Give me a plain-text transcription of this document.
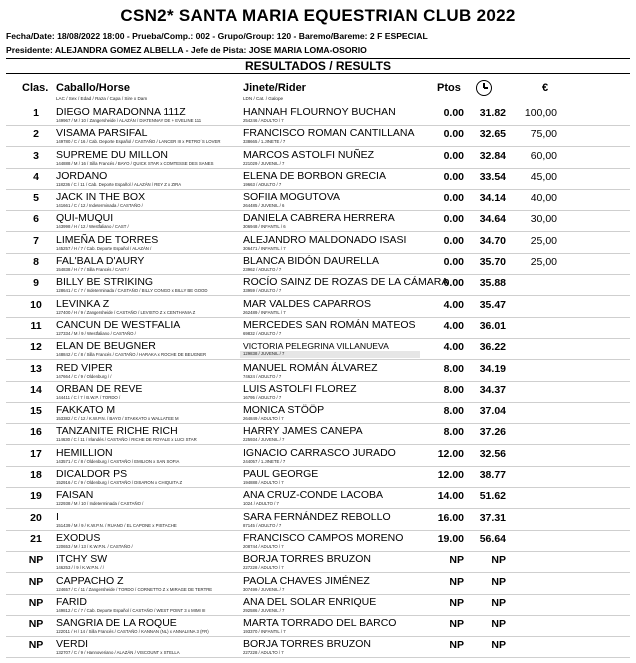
CSN2* SANTA MARIA EQUESTRIAN CLUB 2022
Fecha/Date: 18/08/2022 18:00 - Prueba/Comp.: 002 - Grupo/Group: 120 - Baremo/Bareme: 2 F ESPECIAL
Presidente: ALEJANDRA GOMEZ ALBELLA - Jefe de Pista: JOSE MARIA LOMA-OSORIO
RESULTADOS / RESULTS
Clas. Caballo/Horse
LAC / Sex / Edad / Raza / Capa / Sire x Dam
Jinete/Rider
LDN / Cat. / Galope
Ptos	€
1	DIEGO MARADONNA 111Z
149967 / M / 10 / Zangersheide / ALAZÁN / DIATENNAY DE + EVELINE 111
HANNAH FLOURNOY BUCHAN
254246 / ADULTO / 7
0.00	31.82	100,00
2	VISAMA PARSIFAL
149780 / C / 16 / Cab. Deporte Español / CASTAÑO / LANCER III x PETRO´S LOVER
FRANCISCO ROMAN CANTILLANA
338665 / 1.JINETE / 7
0.00	32.65	75,00
3	SUPREME DU MILLON
144888 / M / 16 / Silla Francés / BAYO / QUICK STAR x COMTESSE DES SANES
MARCOS ASTOLFI NUÑEZ
221029 / JUVENIL / 7
0.00	32.84	60,00
4	JORDANO
118236 / C / 11 / Cab. Deporte Español / ALAZÁN / REY Z x ZIRA
ELENA DE BORBON GRECIA
19663 / ADULTO / 7
0.00	33.54	45,00
5	JACK IN THE BOX
141661 / C / 12 / Indeterminada / CASTAÑO /
SOFIIA MOGUTOVA
264485 / JUVENIL / 6
0.00	34.14	40,00
6	QUI-MUQUI
143998 / H / 12 / Westfaliano / CAST /
DANIELA CABRERA HERRERA
306948 / INFANTIL / 6
0.00	34.64	30,00
7	LIMEÑA DE TORRES
145257 / H / 7 / Cab. Deporte Español / ALAZÁN /
ALEJANDRO MALDONADO ISASI
306471 / INFANTIL / 7
0.00	34.70	25,00
8	FAL'BALA D'AURY
154838 / H / 7 / Silla Francés / CAST /
BLANCA BIDÓN DAURELLA
23962 / ADULTO / 7
0.00	35.70	25,00
9	BILLY BE STRIKING
128641 / C / 7 / Indeterminada / CASTAÑO / BILLY CONGO x BILLY BE GOOD
ROCÍO SAINZ DE ROZAS DE LA CÁMARA
33959 / ADULTO / 7
0.00	35.88
10	LEVINKA Z
127400 / H / 9 / Zangersheide / CASTAÑO / LEVISTO Z x CENTHANIA Z
MAR VALDES CAPARROS
262489 / INFANTIL / 7
4.00	35.47
11	CANCUN DE WESTFALIA
127334 / M / 9 / Westfaliano / CASTAÑO /
MERCEDES SAN ROMÁN MATEOS
69832 / ADULTO / 7
4.00	36.01
12	ELAN DE BEUGNER
148842 / C / 8 / Silla Francés / CASTAÑO / HARAKA x ROCHE DE BEUGNER
VICTORIA PELEGRINA VILLANUEVA
129838 / JUVENIL / 7
4.00	36.22
13	RED VIPER
147664 / C / 9 / Oldenburg / /
MANUEL ROMÁN ÁLVAREZ
74624 / ADULTO / 7
8.00	34.19
14	ORBAN DE REVE
144411 / C / 7 / B.W.P. / TORDO /
LUIS ASTOLFI FLOREZ
16795 / ADULTO / 7
8.00	34.37
15	FAKKATO M
153382 / C / 12 / K.W.P.N. / BAYO / STAKKATO x WALLATEE M
MONICA STÖÖP
264849 / ADULTO / 7
8.00	37.04
16	TANZANITE RICHE RICH
114630 / C / 11 / Irlandés / CASTAÑO / RICHE DE ROYALE x LUCI STAR
HARRY JAMES CANEPA
225934 / JUVENIL / 7
8.00	37.26
17	HEMILLION
143571 / C / 8 / Oldenburg / CASTAÑO / EMILION x SAN SOFIA
IGNACIO CARRASCO JURADO
244057 / 1.JINETE / 7
12.00	32.56
18	DICALDOR PS
152916 / C / 9 / Oldenburg / CASTAÑO / DISARON x CHIQUITA Z
PAUL GEORGE
194888 / ADULTO / 7
12.00	38.77
19	FAISAN
122938 / M / 10 / Indeterminada / CASTAÑO /
ANA CRUZ-CONDE LACOBA
1024 / ADULTO / 7
14.00	51.62
20	I
151439 / M / 9 / K.W.P.N. / RUANO / EL CAPONE x PISTACHE
SARA FERNÁNDEZ REBOLLO
87145 / ADULTO / 7
16.00	37.31
21	EXODUS
120653 / M / 13 / K.W.P.N. / CASTAÑO /
FRANCISCO CAMPOS MORENO
208744 / ADULTO / 7
19.00	56.64
NP	ITCHY SW
146253 / / 9 / K.W.P.N. / /
BORJA TORRES BRUZON
227228 / ADULTO / 7
NP	NP
NP	CAPPACHO Z
124657 / C / 11 / Zangersheide / TORDO / CORNETTO Z x MIRAGE DE TERTRE
PAOLA CHAVES JIMÉNEZ
307499 / JUVENIL / 7
NP	NP
NP	FARID
149812 / C / 7 / Cab. Deporte Español / CASTAÑO / WEST POINT 3 x MIMI III
ANA DEL SOLAR ENRIQUE
292586 / JUVENIL / 7
NP	NP
NP	SANGRIA DE LA ROQUE
122011 / H / 14 / Silla Francés / CASTAÑO / KANNAN (NL) x ANNALIINA 3 (FR)
MARTA TORRADO DEL BARCO
193370 / INFANTIL / 7
NP	NP
NP	VERDI
132707 / C / 9 / Hannoveriano / ALAZÁN / VISCOUNT x STELLA
BORJA TORRES BRUZON
227228 / ADULTO / 7
NP	NP
